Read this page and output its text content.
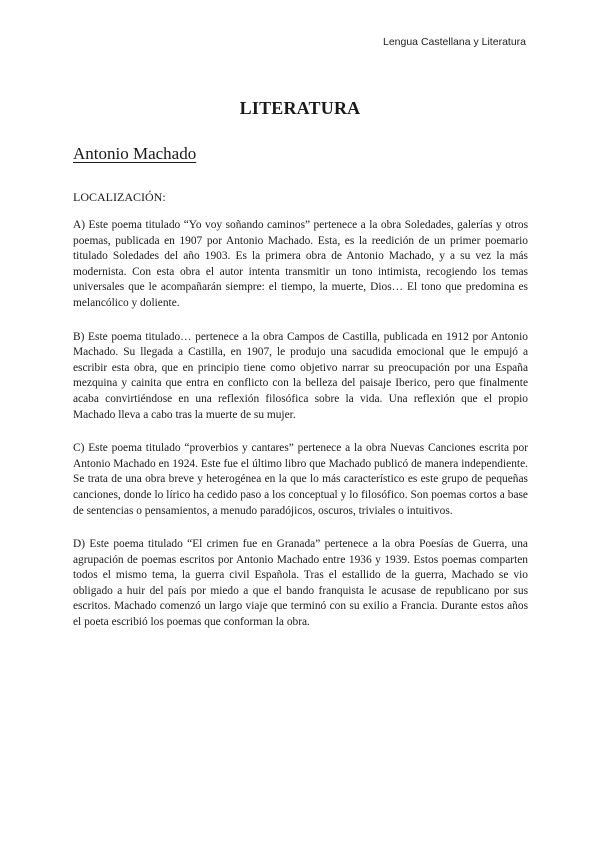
Lengua Castellana y Literatura
LITERATURA
Antonio Machado
LOCALIZACIÓN:

A) Este poema titulado “Yo voy soñando caminos” pertenece a la obra Soledades, galerías y otros poemas, publicada en 1907 por Antonio Machado. Esta, es la reedición de un primer poemario titulado Soledades del año 1903. Es la primera obra de Antonio Machado, y a su vez la más modernista. Con esta obra el autor intenta transmitir un tono intimista, recogiendo los temas universales que le acompañarán siempre: el tiempo, la muerte, Dios… El tono que predomina es melancólico y doliente.

B) Este poema titulado… pertenece a la obra Campos de Castilla, publicada en 1912 por Antonio Machado. Su llegada a Castilla, en 1907, le produjo una sacudida emocional que le empujó a escribir esta obra, que en principio tiene como objetivo narrar su preocupación por una España mezquina y cainita que entra en conflicto con la belleza del paisaje Iberico, pero que finalmente acaba convirtiéndose en una reflexión filosófica sobre la vida. Una reflexión que el propio Machado lleva a cabo tras la muerte de su mujer.

C) Este poema titulado “proverbios y cantares” pertenece a la obra Nuevas Canciones escrita por Antonio Machado en 1924. Este fue el último libro que Machado publicó de manera independiente. Se trata de una obra breve y heterogénea en la que lo más característico es este grupo de pequeñas canciones, donde lo lírico ha cedido paso a los conceptual y lo filosófico. Son poemas cortos a base de sentencias o pensamientos, a menudo paradójicos, oscuros, triviales o intuitivos.

D) Este poema titulado “El crimen fue en Granada” pertenece a la obra Poesías de Guerra, una agrupación de poemas escritos por Antonio Machado entre 1936 y 1939. Estos poemas comparten todos el mismo tema, la guerra civil Española. Tras el estallido de la guerra, Machado se vio obligado a huir del país por miedo a que el bando franquista le acusase de republicano por sus escritos. Machado comenzó un largo viaje que terminó con su exilio a Francia. Durante estos años el poeta escribió los poemas que conforman la obra.
